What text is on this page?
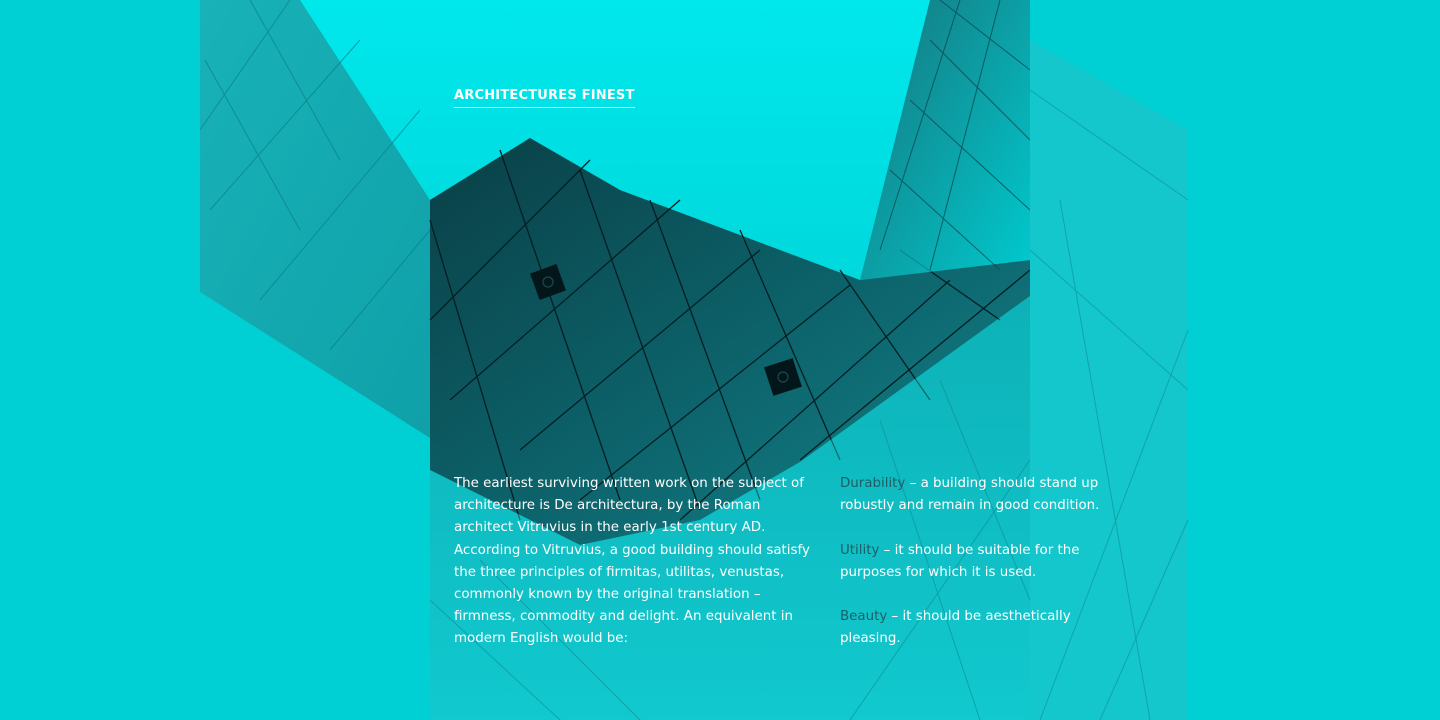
ARCHITECTURES FINEST

The earliest surviving written work on the subject of architecture is De architectura, by the Roman architect Vitruvius in the early 1st century AD. According to Vitruvius, a good building should satisfy the three principles of firmitas, utilitas, venustas, commonly known by the original translation – firmness, commodity and delight. An equivalent in modern English would be:

Durability – a building should stand up robustly and remain in good condition.
Utility – it should be suitable for the purposes for which it is used.
Beauty – it should be aesthetically pleasing.
